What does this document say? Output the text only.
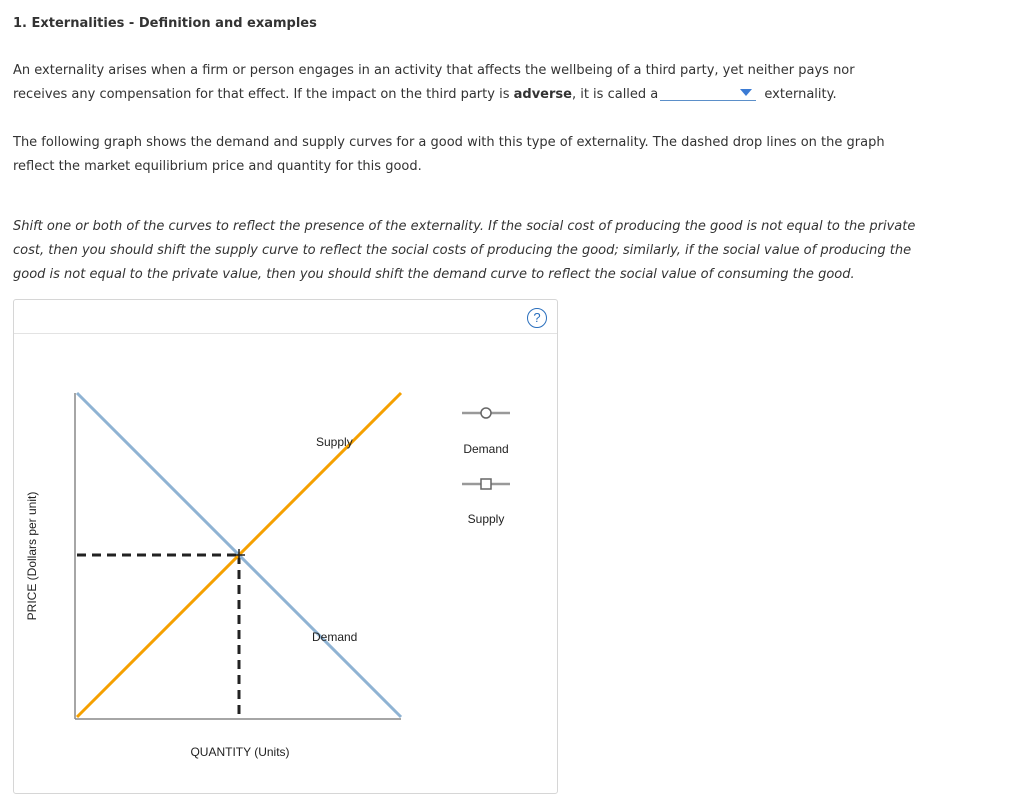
1. Externalities - Definition and examples
An externality arises when a firm or person engages in an activity that affects the wellbeing of a third party, yet neither pays nor receives any compensation for that effect. If the impact on the third party is adverse, it is called a	externality.
The following graph shows the demand and supply curves for a good with this type of externality. The dashed drop lines on the graph reflect the market equilibrium price and quantity for this good.
Shift one or both of the curves to reflect the presence of the externality. If the social cost of producing the good is not equal to the private cost, then you should shift the supply curve to reflect the social costs of producing the good; similarly, if the social value of producing the good is not equal to the private value, then you should shift the demand curve to reflect the social value of consuming the good.
?
Supply
Demand
QUANTITY (Units)
PRICE (Dollars per unit)
Demand
Supply
